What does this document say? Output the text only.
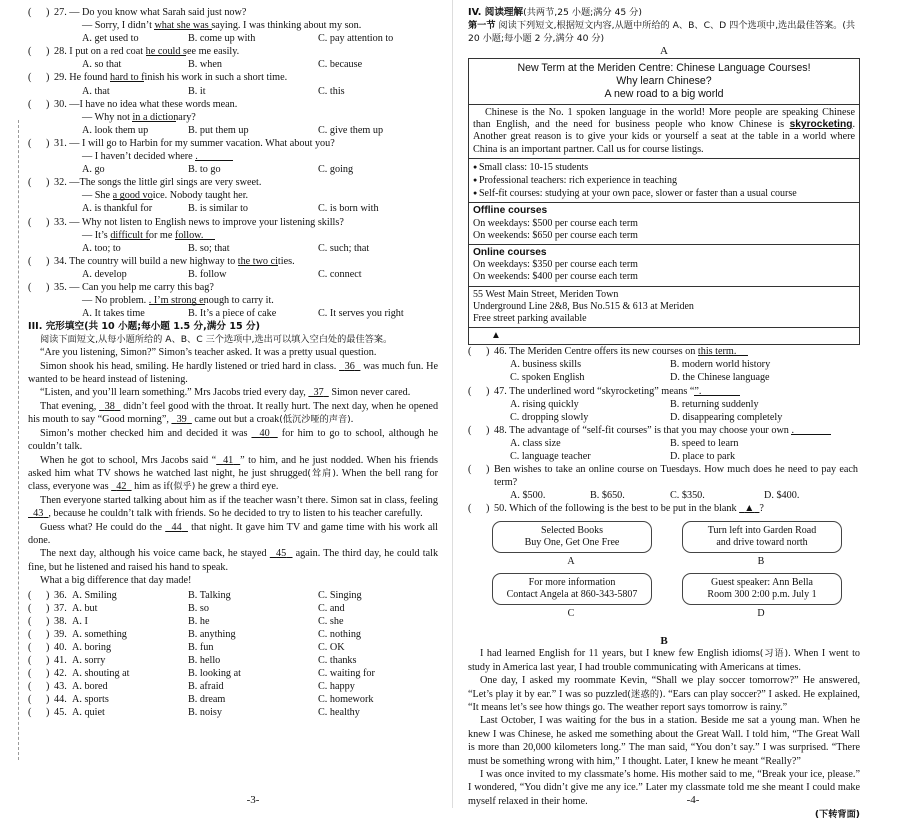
( ) 27. — Do you know what Sarah said just now?
— Sorry, I didn’t what she was saying. I was thinking about my son.
A. get used to	B. come up with	C. pay attention to
( ) 28. I put on a red coat he could see me easily.
A. so that	B. when	C. because
( ) 29. He found hard to finish his work in such a short time.
A. that	B. it	C. this
( ) 30. —I have no idea what these words mean.
— Why not in a dictionary?
A. look them up	B. put them up	C. give them up
( ) 31. — I will go to Harbin for my summer vacation. What about you?
— I haven’t decided where .
A. go	B. to go	C. going
( ) 32. —The songs the little girl sings are very sweet.
— She a good voice. Nobody taught her.
A. is thankful for	B. is similar to	C. is born with
( ) 33. — Why not listen to English news to improve your listening skills?
— It’s difficult for me follow.
A. too; to	B. so; that	C. such; that
( ) 34. The country will build a new highway to the two cities.
A. develop	B. follow	C. connect
( ) 35. — Can you help me carry this bag?
— No problem. . I’m strong enough to carry it.
A. It takes time	B. It’s a piece of cake	C. It serves you right
III. 完形填空(共 10 小题;每小题 1.5 分,满分 15 分)
阅读下面短文,从每小题所给的 A、B、C 三个选项中,选出可以填入空白处的最佳答案。
“Are you listening, Simon?” Simon’s teacher asked. It was a pretty usual question.
Simon shook his head, smiling. He hardly listened or tried hard in class. 36 was much fun. He wanted to be heard instead of listening.
“Listen, and you’ll learn something.” Mrs Jacobs tried every day, 37 Simon never cared.
That evening, 38 didn’t feel good with the throat. It really hurt. The next day, when he opened his mouth to say “Good morning”, 39 came out but a croak(低沉沙哑的声音).
Simon’s mother checked him and decided it was 40 for him to go to school, although he couldn’t talk.
When he got to school, Mrs Jacobs said “ 41 ” to him, and he just nodded. When his friends asked him what TV shows he watched last night, he just shrugged(耸肩). When the bell rang for class, everyone was 42 him as if(似乎) he grew a third eye.
Then everyone started talking about him as if the teacher wasn’t there. Simon sat in class, feeling   43 , because he couldn’t talk with friends. So he decided to try to listen to his teacher carefully.
Guess what? He could do the 44 that night. It gave him TV and game time with his work all done.
The next day, although his voice came back, he stayed 45 again. The third day, he could talk fine, but he listened and raised his hand to speak.
What a big difference that day made!
( ) 36. A. Smiling	B. Talking	C. Singing
( ) 37. A. but	B. so	C. and
( ) 38. A. I	B. he	C. she
( ) 39. A. something	B. anything	C. nothing
( ) 40. A. boring	B. fun	C. OK
( ) 41. A. sorry	B. hello	C. thanks
( ) 42. A. shouting at	B. looking at	C. waiting for
( ) 43. A. bored	B. afraid	C. happy
( ) 44. A. sports	B. dream	C. homework
( ) 45. A. quiet	B. noisy	C. healthy
-3-
IV. 阅读理解(共两节,25 小题;满分 45 分)
第一节 阅读下列短文,根据短文内容,从题中所给的 A、B、C、D 四个选项中,选出最佳答案。(共 20 小题;每小题 2 分,满分 40 分)
A
New Term at the Meriden Centre: Chinese Language Courses!
Why learn Chinese?
A new road to a big world
Chinese is the No. 1 spoken language in the world! More people are speaking Chinese than English, and the need for business people who know Chinese is skyrocketing. Another great reason is to give your kids or yourself a seat at the table in a world where China is an important partner. Call us for course listings.
● Small class: 10-15 students
● Professional teachers: rich experience in teaching
● Self-fit courses: studying at your own pace, slower or faster than a usual course
Offline courses
On weekdays: $500 per course each term
On weekends: $650 per course each term
Online courses
On weekdays: $350 per course each term
On weekends: $400 per course each term
55 West Main Street, Meriden Town
Underground Line 2&8, Bus No.515 & 613 at Meriden
Free street parking available
▲
( ) 46. The Meriden Centre offers its new courses on this term.
A. business skills	B. modern world history
C. spoken English	D. the Chinese language
( ) 47. The underlined word “skyrocketing” means “
”.
A. rising quickly	B. returning suddenly
C. dropping slowly	D. disappearing completely
( ) 48. The advantage of “self-fit courses” is that you may choose your own .
A. class size	B. speed to learn
C. language teacher	D. place to park
( ) Ben wishes to take an online course on Tuesdays. How much does he need to pay each term?
A. $500.	B. $650.	C. $350.	D. $400.
( ) 50. Which of the following is the best to be put in the blank ▲ ?
Selected Books
Buy One, Get One Free
Turn left into Garden Road
and drive toward north
A	B
For more information
Contact Angela at 860-343-5807
Guest speaker: Ann Bella
Room 300 2:00 p.m. July 1
C	D
B
I had learned English for 11 years, but I knew few English idioms(习语). When I went to study in America last year, I had trouble communicating with Americans at times.
One day, I asked my roommate Kevin, “Shall we play soccer tomorrow?” He answered, “Let’s play it by ear.” I was so puzzled(迷惑的). “Ears can play soccer?” I asked. He explained, “It means let’s see how things go. The weather report says tomorrow is rainy.”
Last October, I was waiting for the bus in a station. Beside me sat a young man. When he knew I was Chinese, he asked me something about the Great Wall. I told him, “The Great Wall is more than 20,000 kilometers long.” The man said, “You don’t say.” I was surprised. “There must be something wrong with him,” I thought. Later, I knew he meant “Really?”
I was once invited to my classmate’s home. His mother said to me, “Break your ice, please.” I wondered, “You didn’t give me any ice.” Later my classmate told me she meant I could make myself relaxed in their home.
(下转背面)
-4-
